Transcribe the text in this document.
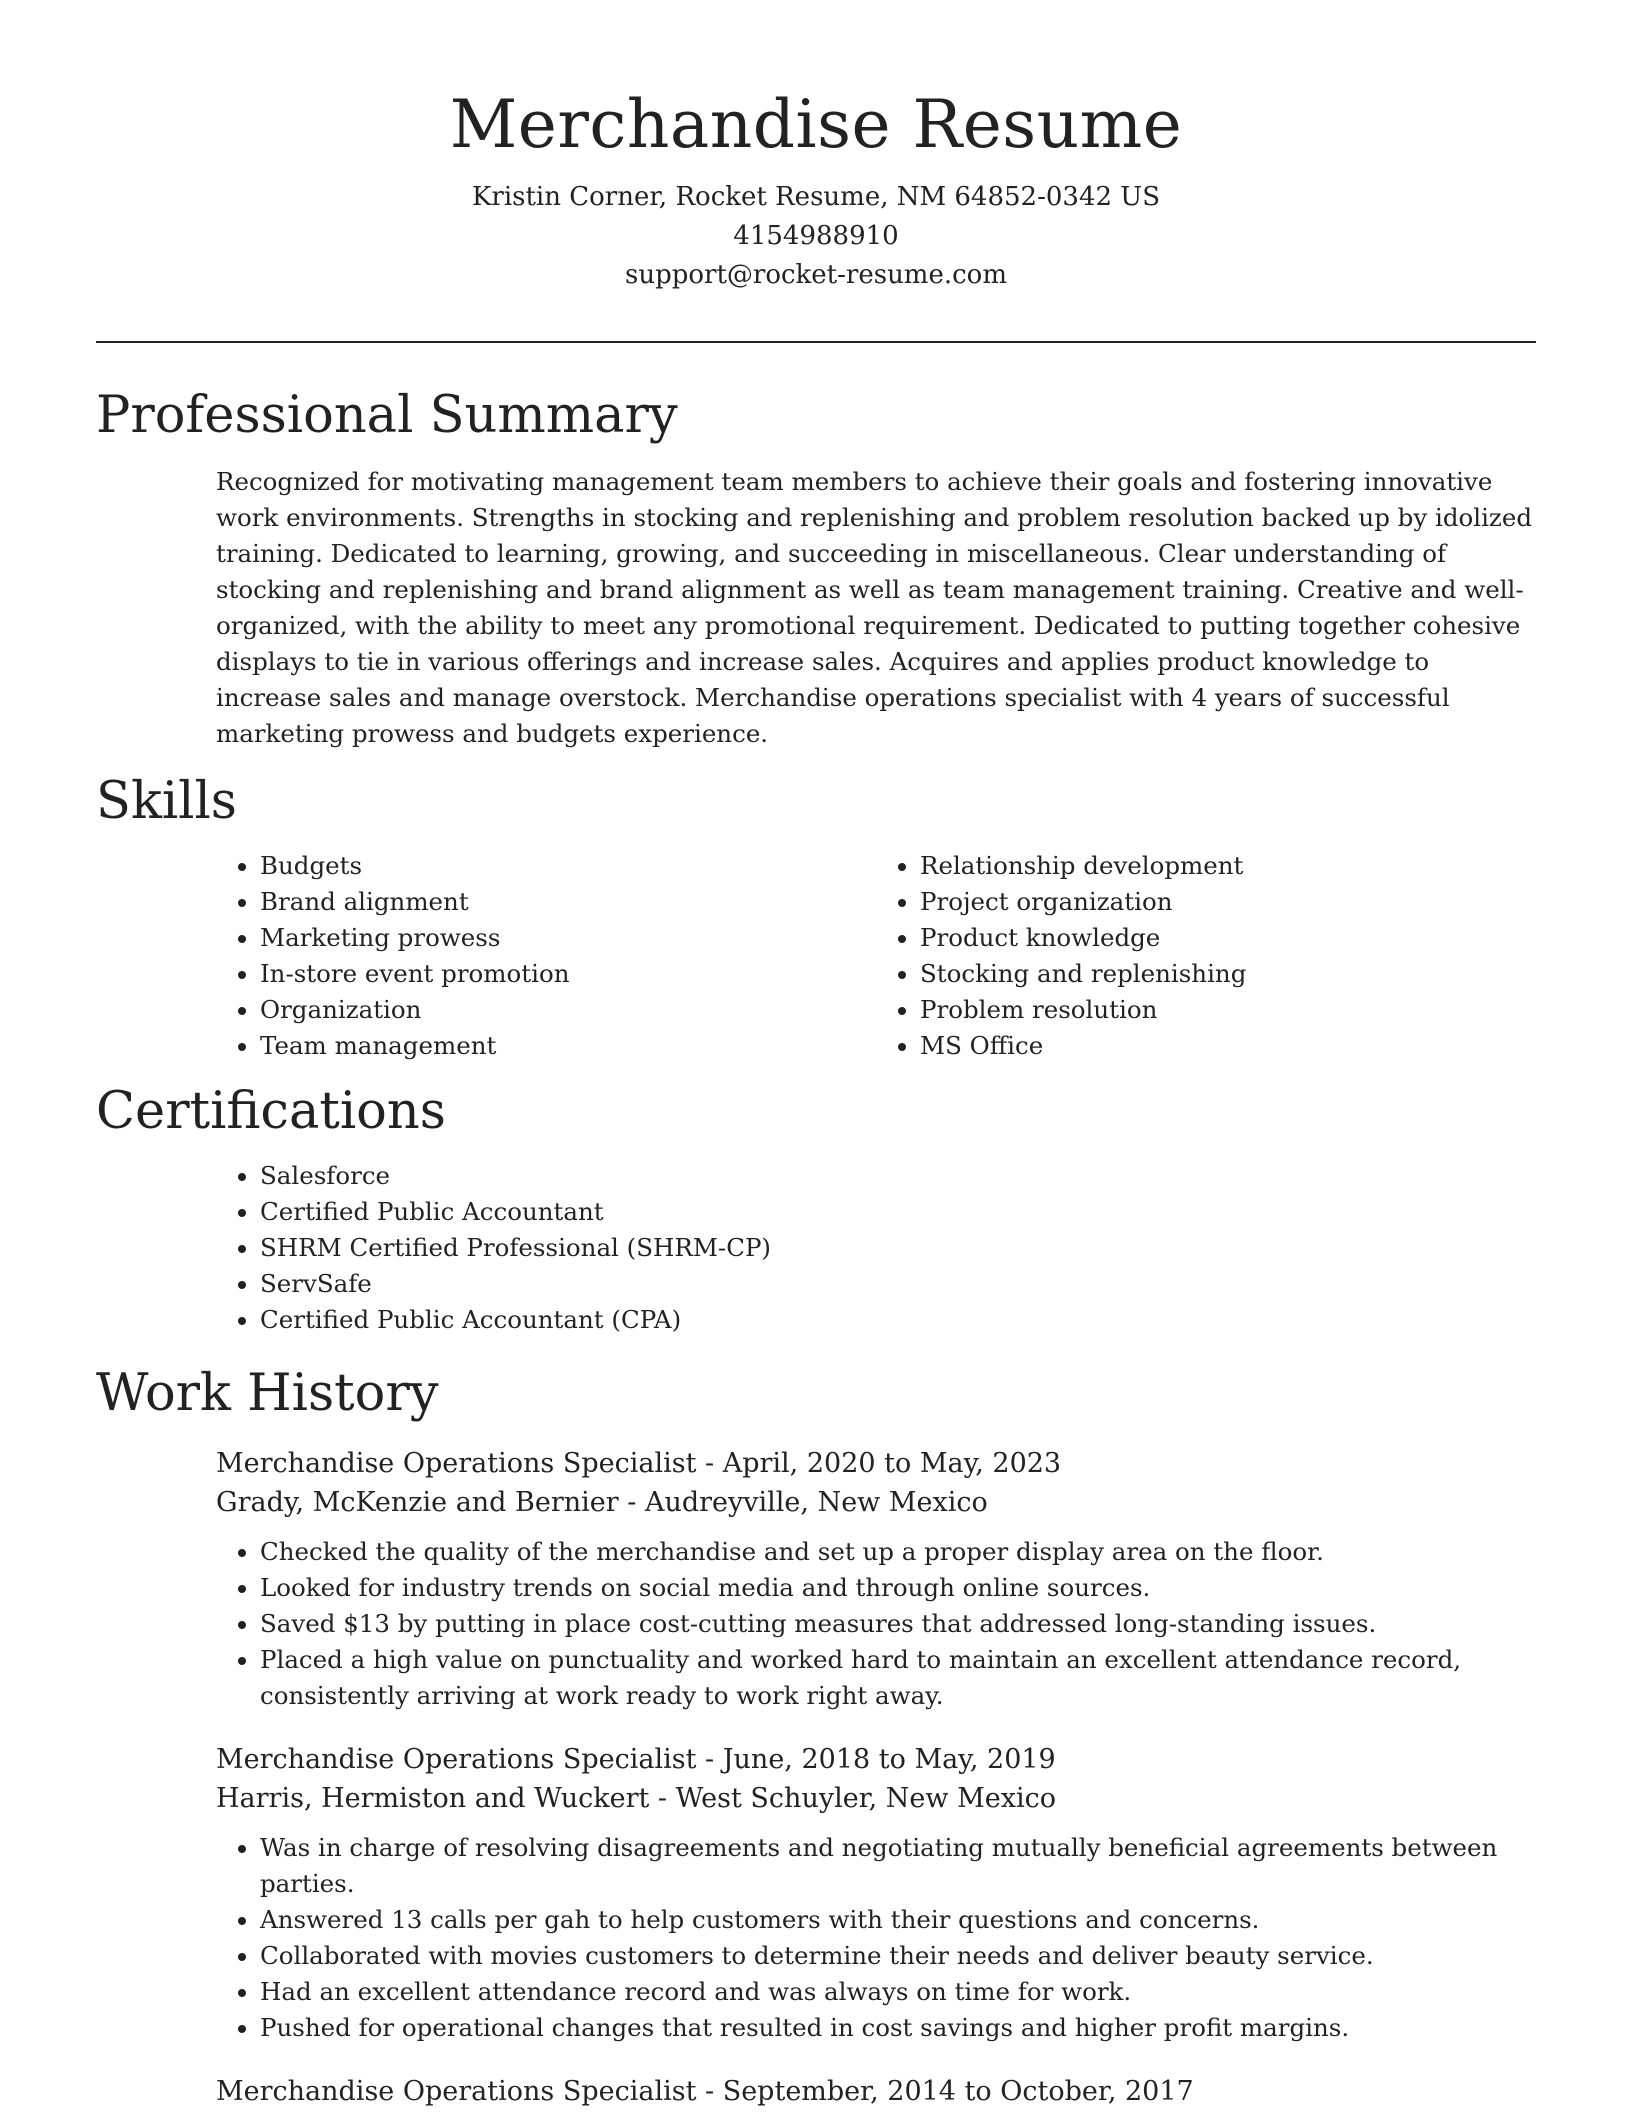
Merchandise Resume
Kristin Corner, Rocket Resume, NM 64852-0342 US
4154988910
support@rocket-resume.com
Professional Summary
Recognized for motivating management team members to achieve their goals and fostering innovative work environments. Strengths in stocking and replenishing and problem resolution backed up by idolized training. Dedicated to learning, growing, and succeeding in miscellaneous. Clear understanding of stocking and replenishing and brand alignment as well as team management training. Creative and well-organized, with the ability to meet any promotional requirement. Dedicated to putting together cohesive displays to tie in various offerings and increase sales. Acquires and applies product knowledge to increase sales and manage overstock. Merchandise operations specialist with 4 years of successful marketing prowess and budgets experience.
Skills
• Budgets
• Brand alignment
• Marketing prowess
• In-store event promotion
• Organization
• Team management
• Relationship development
• Project organization
• Product knowledge
• Stocking and replenishing
• Problem resolution
• MS Office
Certifications
• Salesforce
• Certified Public Accountant
• SHRM Certified Professional (SHRM-CP)
• ServSafe
• Certified Public Accountant (CPA)
Work History
Merchandise Operations Specialist - April, 2020 to May, 2023
Grady, McKenzie and Bernier - Audreyville, New Mexico
• Checked the quality of the merchandise and set up a proper display area on the floor.
• Looked for industry trends on social media and through online sources.
• Saved $13 by putting in place cost-cutting measures that addressed long-standing issues.
• Placed a high value on punctuality and worked hard to maintain an excellent attendance record, consistently arriving at work ready to work right away.
Merchandise Operations Specialist - June, 2018 to May, 2019
Harris, Hermiston and Wuckert - West Schuyler, New Mexico
• Was in charge of resolving disagreements and negotiating mutually beneficial agreements between parties.
• Answered 13 calls per gah to help customers with their questions and concerns.
• Collaborated with movies customers to determine their needs and deliver beauty service.
• Had an excellent attendance record and was always on time for work.
• Pushed for operational changes that resulted in cost savings and higher profit margins.
Merchandise Operations Specialist - September, 2014 to October, 2017
